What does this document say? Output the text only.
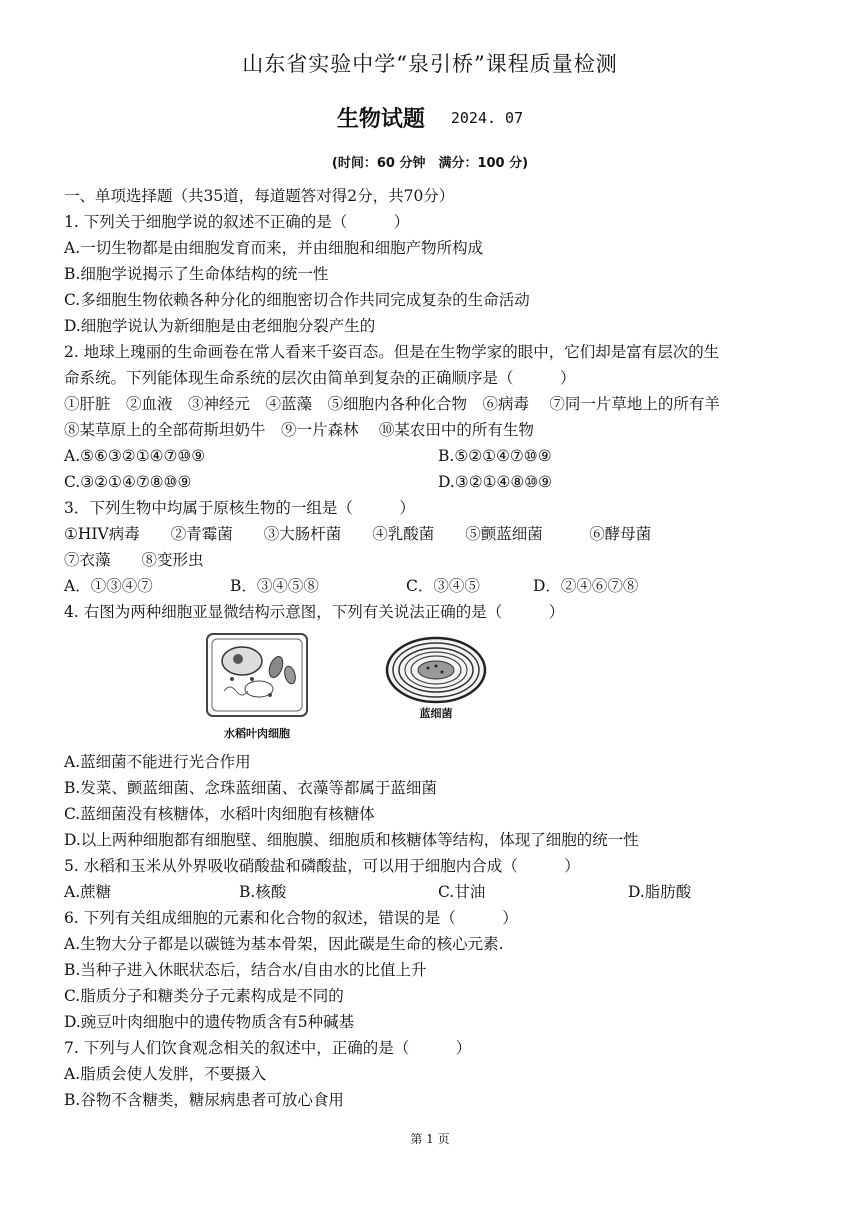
山东省实验中学“泉引桥”课程质量检测
生物试题 2024. 07
(时间：60 分钟　满分：100 分)
一、单项选择题（共35道，每道题答对得2分，共70分）
1. 下列关于细胞学说的叙述不正确的是（　　　）
A.一切生物都是由细胞发育而来，并由细胞和细胞产物所构成
B.细胞学说揭示了生命体结构的统一性
C.多细胞生物依赖各种分化的细胞密切合作共同完成复杂的生命活动
D.细胞学说认为新细胞是由老细胞分裂产生的
2. 地球上瑰丽的生命画卷在常人看来千姿百态。但是在生物学家的眼中，它们却是富有层次的生
命系统。下列能体现生命系统的层次由简单到复杂的正确顺序是（　　　）
①肝脏　②血液　③神经元　④蓝藻　⑤细胞内各种化合物　⑥病毒　 ⑦同一片草地上的所有羊
⑧某草原上的全部荷斯坦奶牛　⑨一片森林　 ⑩某农田中的所有生物
A.⑤⑥③②①④⑦⑩⑨	B.⑤②①④⑦⑩⑨
C.③②①④⑦⑧⑩⑨	D.③②①④⑧⑩⑨
3．下列生物中均属于原核生物的一组是（　　　）
①HIV病毒　　②青霉菌　　③大肠杆菌　　④乳酸菌　　⑤颤蓝细菌　　　⑥酵母菌
⑦衣藻　　⑧变形虫
A．①③④⑦	B．③④⑤⑧	C．③④⑤	D．②④⑥⑦⑧
4. 右图为两种细胞亚显微结构示意图，下列有关说法正确的是（　　　）
水稻叶肉细胞
蓝细菌
A.蓝细菌不能进行光合作用
B.发菜、颤蓝细菌、念珠蓝细菌、衣藻等都属于蓝细菌
C.蓝细菌没有核糖体，水稻叶肉细胞有核糖体
D.以上两种细胞都有细胞壁、细胞膜、细胞质和核糖体等结构，体现了细胞的统一性
5. 水稻和玉米从外界吸收硝酸盐和磷酸盐，可以用于细胞内合成（　　　）
A.蔗糖	B.核酸	C.甘油	D.脂肪酸
6. 下列有关组成细胞的元素和化合物的叙述，错误的是（　　　）
A.生物大分子都是以碳链为基本骨架，因此碳是生命的核心元素.
B.当种子进入休眠状态后，结合水/自由水的比值上升
C.脂质分子和糖类分子元素构成是不同的
D.豌豆叶肉细胞中的遗传物质含有5种碱基
7. 下列与人们饮食观念相关的叙述中，正确的是（　　　）
A.脂质会使人发胖，不要摄入
B.谷物不含糖类，糖尿病患者可放心食用
第 1 页
